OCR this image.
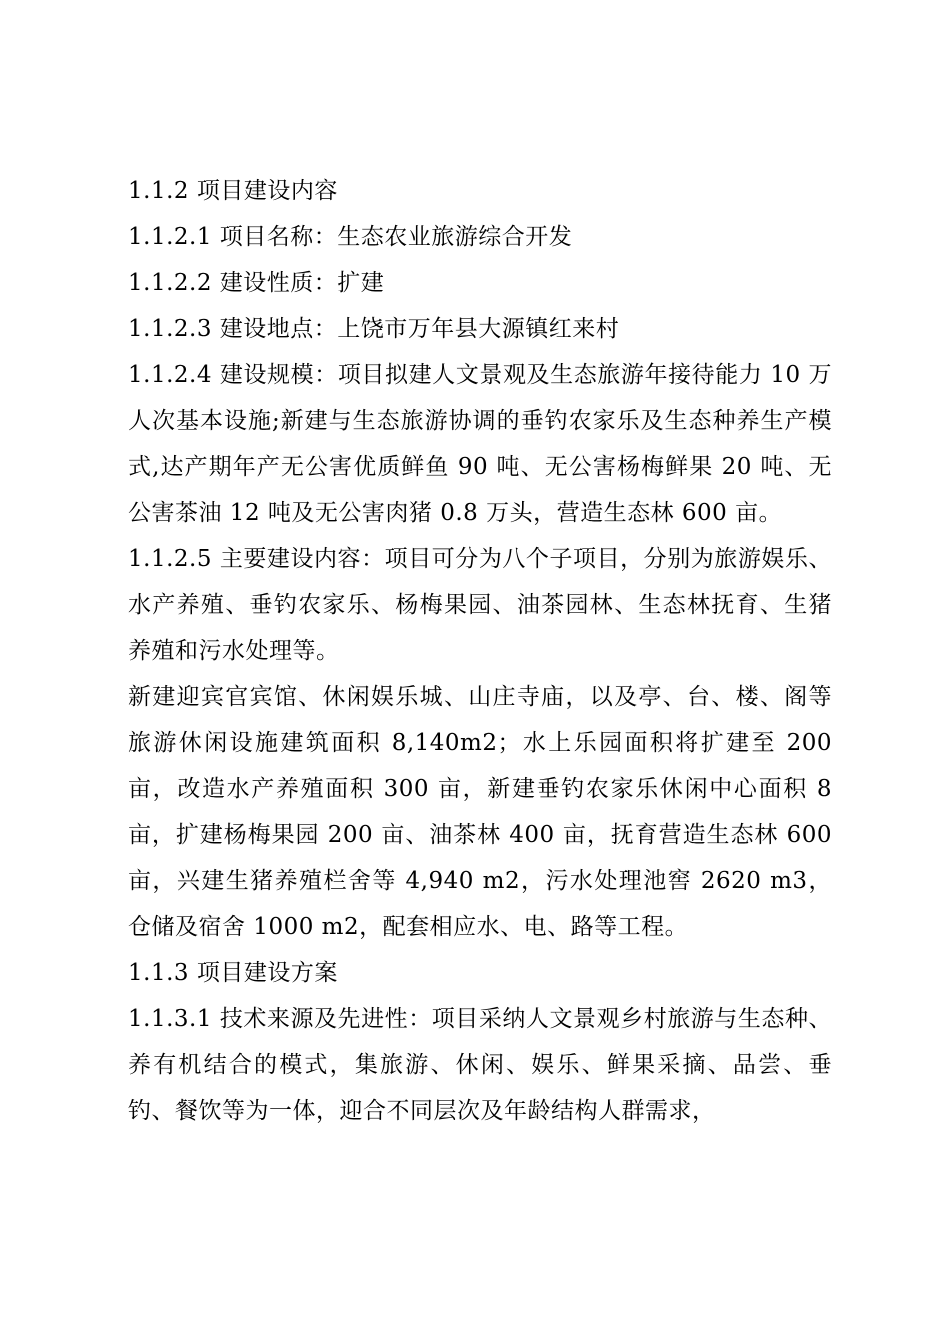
1.1.2 项目建设内容

1.1.2.1 项目名称：生态农业旅游综合开发

1.1.2.2 建设性质：扩建

1.1.2.3 建设地点：上饶市万年县大源镇红来村

1.1.2.4 建设规模：项目拟建人文景观及生态旅游年接待能力 10 万人次基本设施;新建与生态旅游协调的垂钓农家乐及生态种养生产模式,达产期年产无公害优质鲜鱼 90 吨、无公害杨梅鲜果 20 吨、无公害茶油 12 吨及无公害肉猪 0.8 万头，营造生态林 600 亩。

1.1.2.5 主要建设内容：项目可分为八个子项目，分别为旅游娱乐、水产养殖、垂钓农家乐、杨梅果园、油茶园林、生态林抚育、生猪养殖和污水处理等。

新建迎宾官宾馆、休闲娱乐城、山庄寺庙，以及亭、台、楼、阁等旅游休闲设施建筑面积 8,140m2；水上乐园面积将扩建至 200 亩，改造水产养殖面积 300 亩，新建垂钓农家乐休闲中心面积 8 亩，扩建杨梅果园 200 亩、油茶林 400 亩，抚育营造生态林 600 亩，兴建生猪养殖栏舍等 4,940 m2，污水处理池窖 2620 m3，仓储及宿舍 1000 m2，配套相应水、电、路等工程。

1.1.3 项目建设方案

1.1.3.1 技术来源及先进性：项目采纳人文景观乡村旅游与生态种、养有机结合的模式，集旅游、休闲、娱乐、鲜果采摘、品尝、垂钓、餐饮等为一体，迎合不同层次及年龄结构人群需求，
